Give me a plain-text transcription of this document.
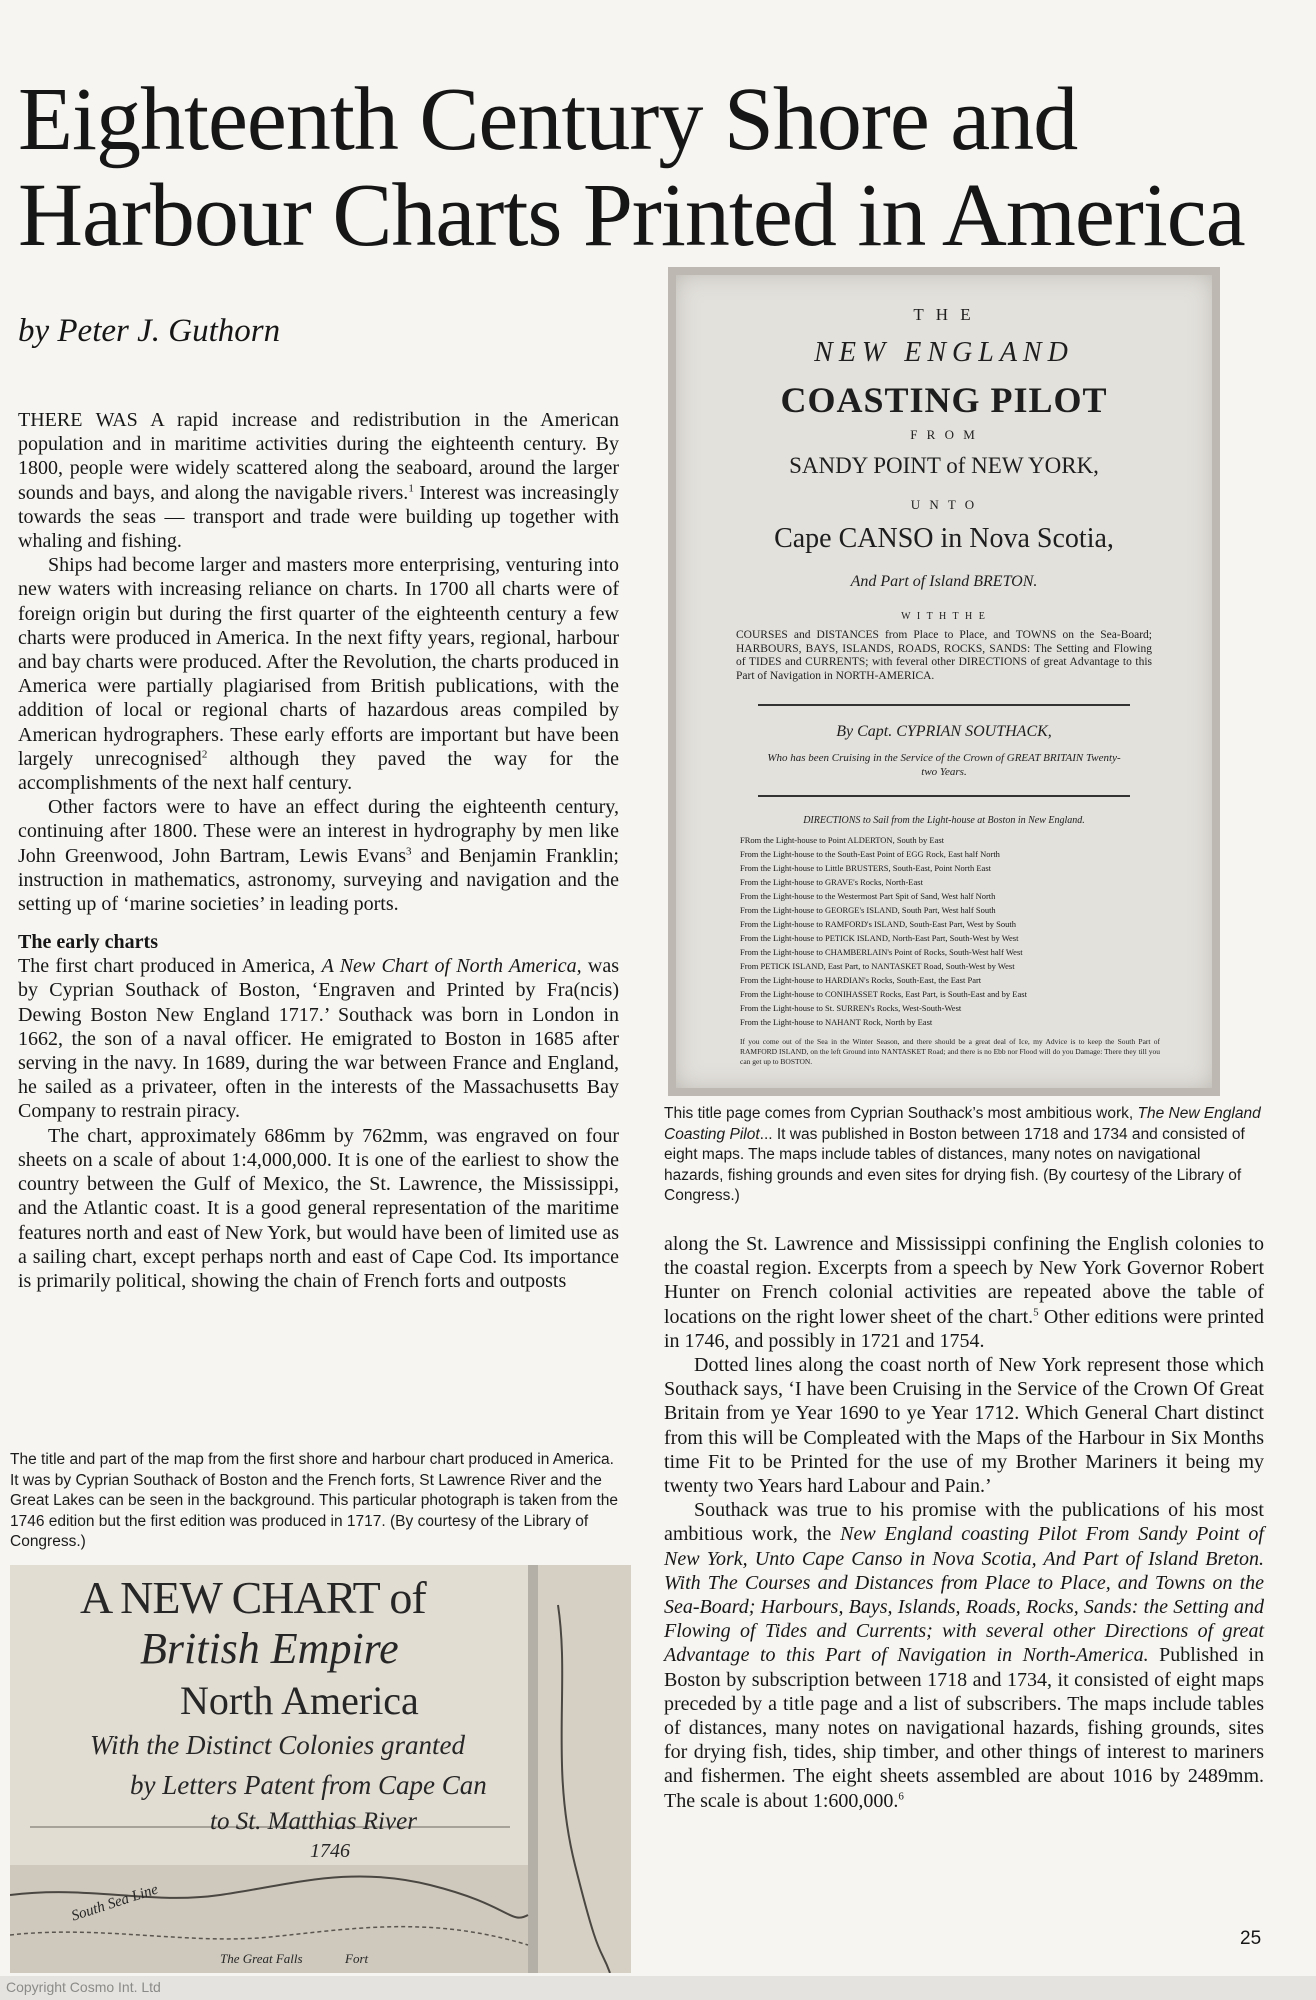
Eighteenth Century Shore and Harbour Charts Printed in America by Peter J. Guthorn

THERE WAS A rapid increase and redistribution in the American population and in maritime activities during the eighteenth century. By 1800, people were widely scattered along the seaboard, around the larger sounds and bays, and along the navigable rivers.$^1$ Interest was increasingly towards the seas — transport and trade were building up together with whaling and fishing.

Ships had become larger and masters more enterprising, venturing into new waters with increasing reliance on charts. In 1700 all charts were of foreign origin but during the first quarter of the eighteenth century a few charts were produced in America. In the next fifty years, regional, harbour and bay charts were produced. After the Revolution, the charts produced in America were partially plagiarised from British publications, with the addition of local or regional charts of hazardous areas compiled by American hydrographers. These early efforts are important but have been largely unrecognised$^2$ although they paved the way for the accomplishments of the next half century.

Other factors were to have an effect during the eighteenth century, continuing after 1800. These were an interest in hydrography by men like John Greenwood, John Bartram, Lewis Evans$^3$ and Benjamin Franklin; instruction in mathematics, astronomy, surveying and navigation and the setting up of ‘marine societies’ in leading ports.

The early charts

The first chart produced in America, A New Chart of North America, was by Cyprian Southack of Boston, ‘Engraven and Printed by Fra(ncis) Dewing Boston New England 1717.’ Southack was born in London in 1662, the son of a naval officer. He emigrated to Boston in 1685 after serving in the navy. In 1689, during the war between France and England, he sailed as a privateer, often in the interests of the Massachusetts Bay Company to restrain piracy.

The chart, approximately 686mm by 762mm, was engraved on four sheets on a scale of about 1:4,000,000. It is one of the earliest to show the country between the Gulf of Mexico, the St. Lawrence, the Mississippi, and the Atlantic coast. It is a good general representation of the maritime features north and east of New York, but would have been of limited use as a sailing chart, except perhaps north and east of Cape Cod. Its importance is primarily political, showing the chain of French forts and outposts

The title and part of the map from the first shore and harbour chart produced in America. It was by Cyprian Southack of Boston and the French forts, St Lawrence River and the Great Lakes can be seen in the background. This particular photograph is taken from the 1746 edition but the first edition was produced in 1717. (By courtesy of the Library of Congress.)
A NEW CHART of
British Empire
North America
With the Distinct Colonies granted
by Letters Patent from Cape Can
to St. Matthias River
1746
South Sea Line
The Great Falls	Fort
T H E
NEW ENGLAND
COASTING PILOT
F R O M
SANDY POINT of NEW YORK,
U N T O
Cape CANSO in Nova Scotia,
And Part of Island BRETON.
W I T H T H E
COURSES and DISTANCES from Place to Place, and TOWNS on the Sea-Board; HARBOURS, BAYS, ISLANDS, ROADS, ROCKS, SANDS: The Setting and Flowing of TIDES and CURRENTS; with feveral other DIRECTIONS of great Advantage to this Part of Navigation in NORTH-AMERICA.
By Capt. CYPRIAN SOUTHACK,
Who has been Cruising in the Service of the Crown of GREAT BRITAIN Twenty-two Years.
DIRECTIONS to Sail from the Light-house at Boston in New England.
FRom the Light-house to Point ALDERTON, South by East
From the Light-house to the South-East Point of EGG Rock, East half North
From the Light-house to Little BRUSTERS, South-East, Point North East
From the Light-house to GRAVE's Rocks, North-East
From the Light-house to the Westermost Part Spit of Sand, West half North
From the Light-house to GEORGE's ISLAND, South Part, West half South
From the Light-house to RAMFORD's ISLAND, South-East Part, West by South
From the Light-house to PETICK ISLAND, North-East Part, South-West by West
From the Light-house to CHAMBERLAIN's Point of Rocks, South-West half West
From PETICK ISLAND, East Part, to NANTASKET Road, South-West by West
From the Light-house to HARDIAN's Rocks, South-East, the East Part
From the Light-house to CONIHASSET Rocks, East Part, is South-East and by East
From the Light-house to St. SURREN's Rocks, West-South-West
From the Light-house to NAHANT Rock, North by East
If you come out of the Sea in the Winter Season, and there should be a great deal of Ice, my Advice is to keep the South Part of RAMFORD ISLAND, on the left Ground into NANTASKET Road; and there is no Ebb nor Flood will do you Damage: There they till you can get up to BOSTON.
This title page comes from Cyprian Southack’s most ambitious work, The New England Coasting Pilot... It was published in Boston between 1718 and 1734 and consisted of eight maps. The maps include tables of distances, many notes on navigational hazards, fishing grounds and even sites for drying fish. (By courtesy of the Library of Congress.)

along the St. Lawrence and Mississippi confining the English colonies to the coastal region. Excerpts from a speech by New York Governor Robert Hunter on French colonial activities are repeated above the table of locations on the right lower sheet of the chart.$^5$ Other editions were printed in 1746, and possibly in 1721 and 1754.

Dotted lines along the coast north of New York represent those which Southack says, ‘I have been Cruising in the Service of the Crown Of Great Britain from ye Year 1690 to ye Year 1712. Which General Chart distinct from this will be Compleated with the Maps of the Harbour in Six Months time Fit to be Printed for the use of my Brother Mariners it being my twenty two Years hard Labour and Pain.’

Southack was true to his promise with the publications of his most ambitious work, the New England coasting Pilot From Sandy Point of New York, Unto Cape Canso in Nova Scotia, And Part of Island Breton. With The Courses and Distances from Place to Place, and Towns on the Sea-Board; Harbours, Bays, Islands, Roads, Rocks, Sands: the Setting and Flowing of Tides and Currents; with several other Directions of great Advantage to this Part of Navigation in North-America. Published in Boston by subscription between 1718 and 1734, it consisted of eight maps preceded by a title page and a list of subscribers. The maps include tables of distances, many notes on navigational hazards, fishing grounds, sites for drying fish, tides, ship timber, and other things of interest to mariners and fishermen. The eight sheets assembled are about 1016 by 2489mm. The scale is about 1:600,000.$^6$

25
Copyright Cosmo Int. Ltd
